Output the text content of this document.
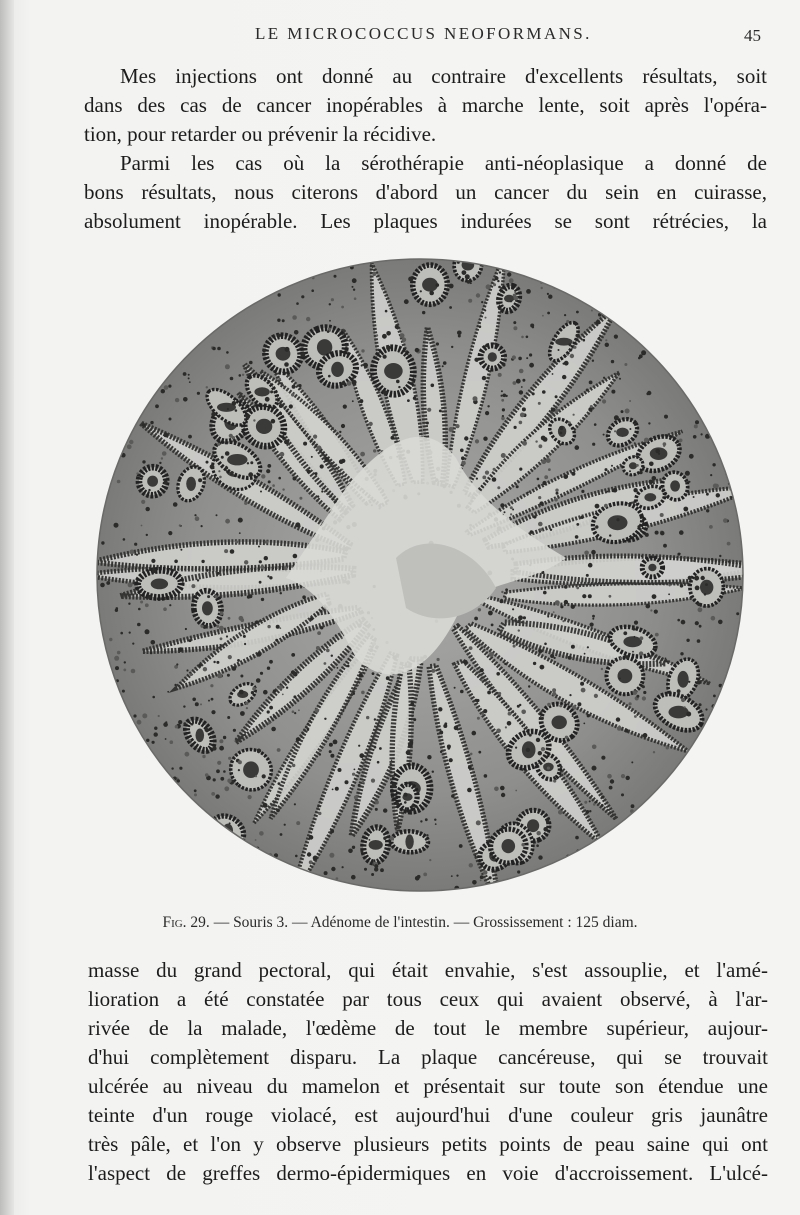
LE MICROCOCCUS NEOFORMANS.	45
Mes injections ont donné au contraire d'excellents résultats, soit
dans des cas de cancer inopérables à marche lente, soit après l'opéra-
tion, pour retarder ou prévenir la récidive.
Parmi les cas où la sérothérapie anti-néoplasique a donné de
bons résultats, nous citerons d'abord un cancer du sein en cuirasse,
absolument inopérable. Les plaques indurées se sont rétrécies, la
Fig. 29. — Souris 3. — Adénome de l'intestin. — Grossissement : 125 diam.
masse du grand pectoral, qui était envahie, s'est assouplie, et l'amé-
lioration a été constatée par tous ceux qui avaient observé, à l'ar-
rivée de la malade, l'œdème de tout le membre supérieur, aujour-
d'hui complètement disparu. La plaque cancéreuse, qui se trouvait
ulcérée au niveau du mamelon et présentait sur toute son étendue une
teinte d'un rouge violacé, est aujourd'hui d'une couleur gris jaunâtre
très pâle, et l'on y observe plusieurs petits points de peau saine qui ont
l'aspect de greffes dermo-épidermiques en voie d'accroissement. L'ulcé-
